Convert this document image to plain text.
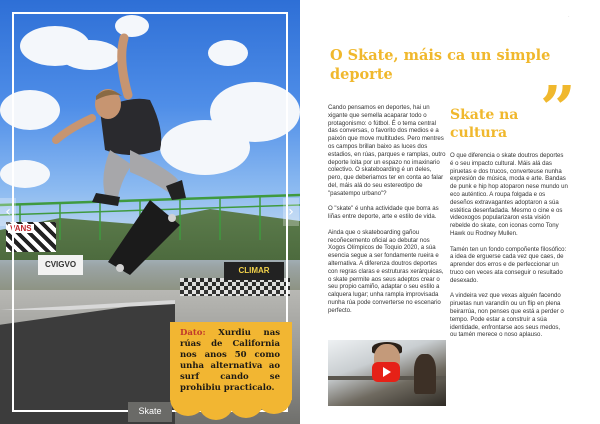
VANS
CVIGVO
CLIMAR
Skate
‹	›
Dato: Xurdiu nas rúas de California nos anos 50 como unha alternativa ao surf cando se prohibiu practicalo.
·
O Skate, máis ca un simple deporte	”

Cando pensamos en deportes, hai un xigante que semella acaparar todo o protagonismo: o fútbol. É o tema central das conversas, o favorito dos medios e a paixón que move multitudes. Pero mentres os campos brillan baixo as luces dos estadios, en rúas, parques e ramplas, outro deporte loita por un espazo no imaxinario colectivo. O skateboarding é un deles, pero, que deberiamos ter en conta ao falar del, máis alá do seu estereotipo de "pasatempo urbano"?

O "skate" é unha actividade que borra as liñas entre deporte, arte e estilo de vida.

Ainda que o skateboarding gañou recoñecemento oficial ao debutar nos Xogos Olímpicos de Toquio 2020, a súa esencia segue a ser fondamente rueira e alternativa. A diferenza doutros deportes con regras claras e estruturas xerárquicas, o skate permite aos seus adeptos crear o seu propio camiño, adaptar o seu estilo a calquera lugar; unha rampla improvisada nunha rúa pode converterse no escenario perfecto.

Skate na cultura

O que diferencia o skate doutros deportes é o seu impacto cultural. Máis alá das piruetas e dos trucos, converteuse nunha expresión de música, moda e arte. Bandas de punk e hip hop atoparon nese mundo un eco auténtico. A roupa folgada e os deseños extravagantes adoptaron a súa estética desenfadada. Mesmo o cine e os videoxogos popularizaron esta visión rebelde do skate, con iconas como Tony Hawk ou Rodney Mullen.

Tamén ten un fondo compoñente filosófico: a idea de erguerse cada vez que caes, de aprender dos erros e de perfeccionar un truco cen veces ata conseguir o resultado desexado.

A vindeira vez que vexas alguén facendo piruetas nun varandín ou un flip en plena beirarrúa, non penses que está a perder o tempo. Pode estar a construír a súa identidade, enfrontarse aos seus medos, ou tamén merece o noso aplauso.
